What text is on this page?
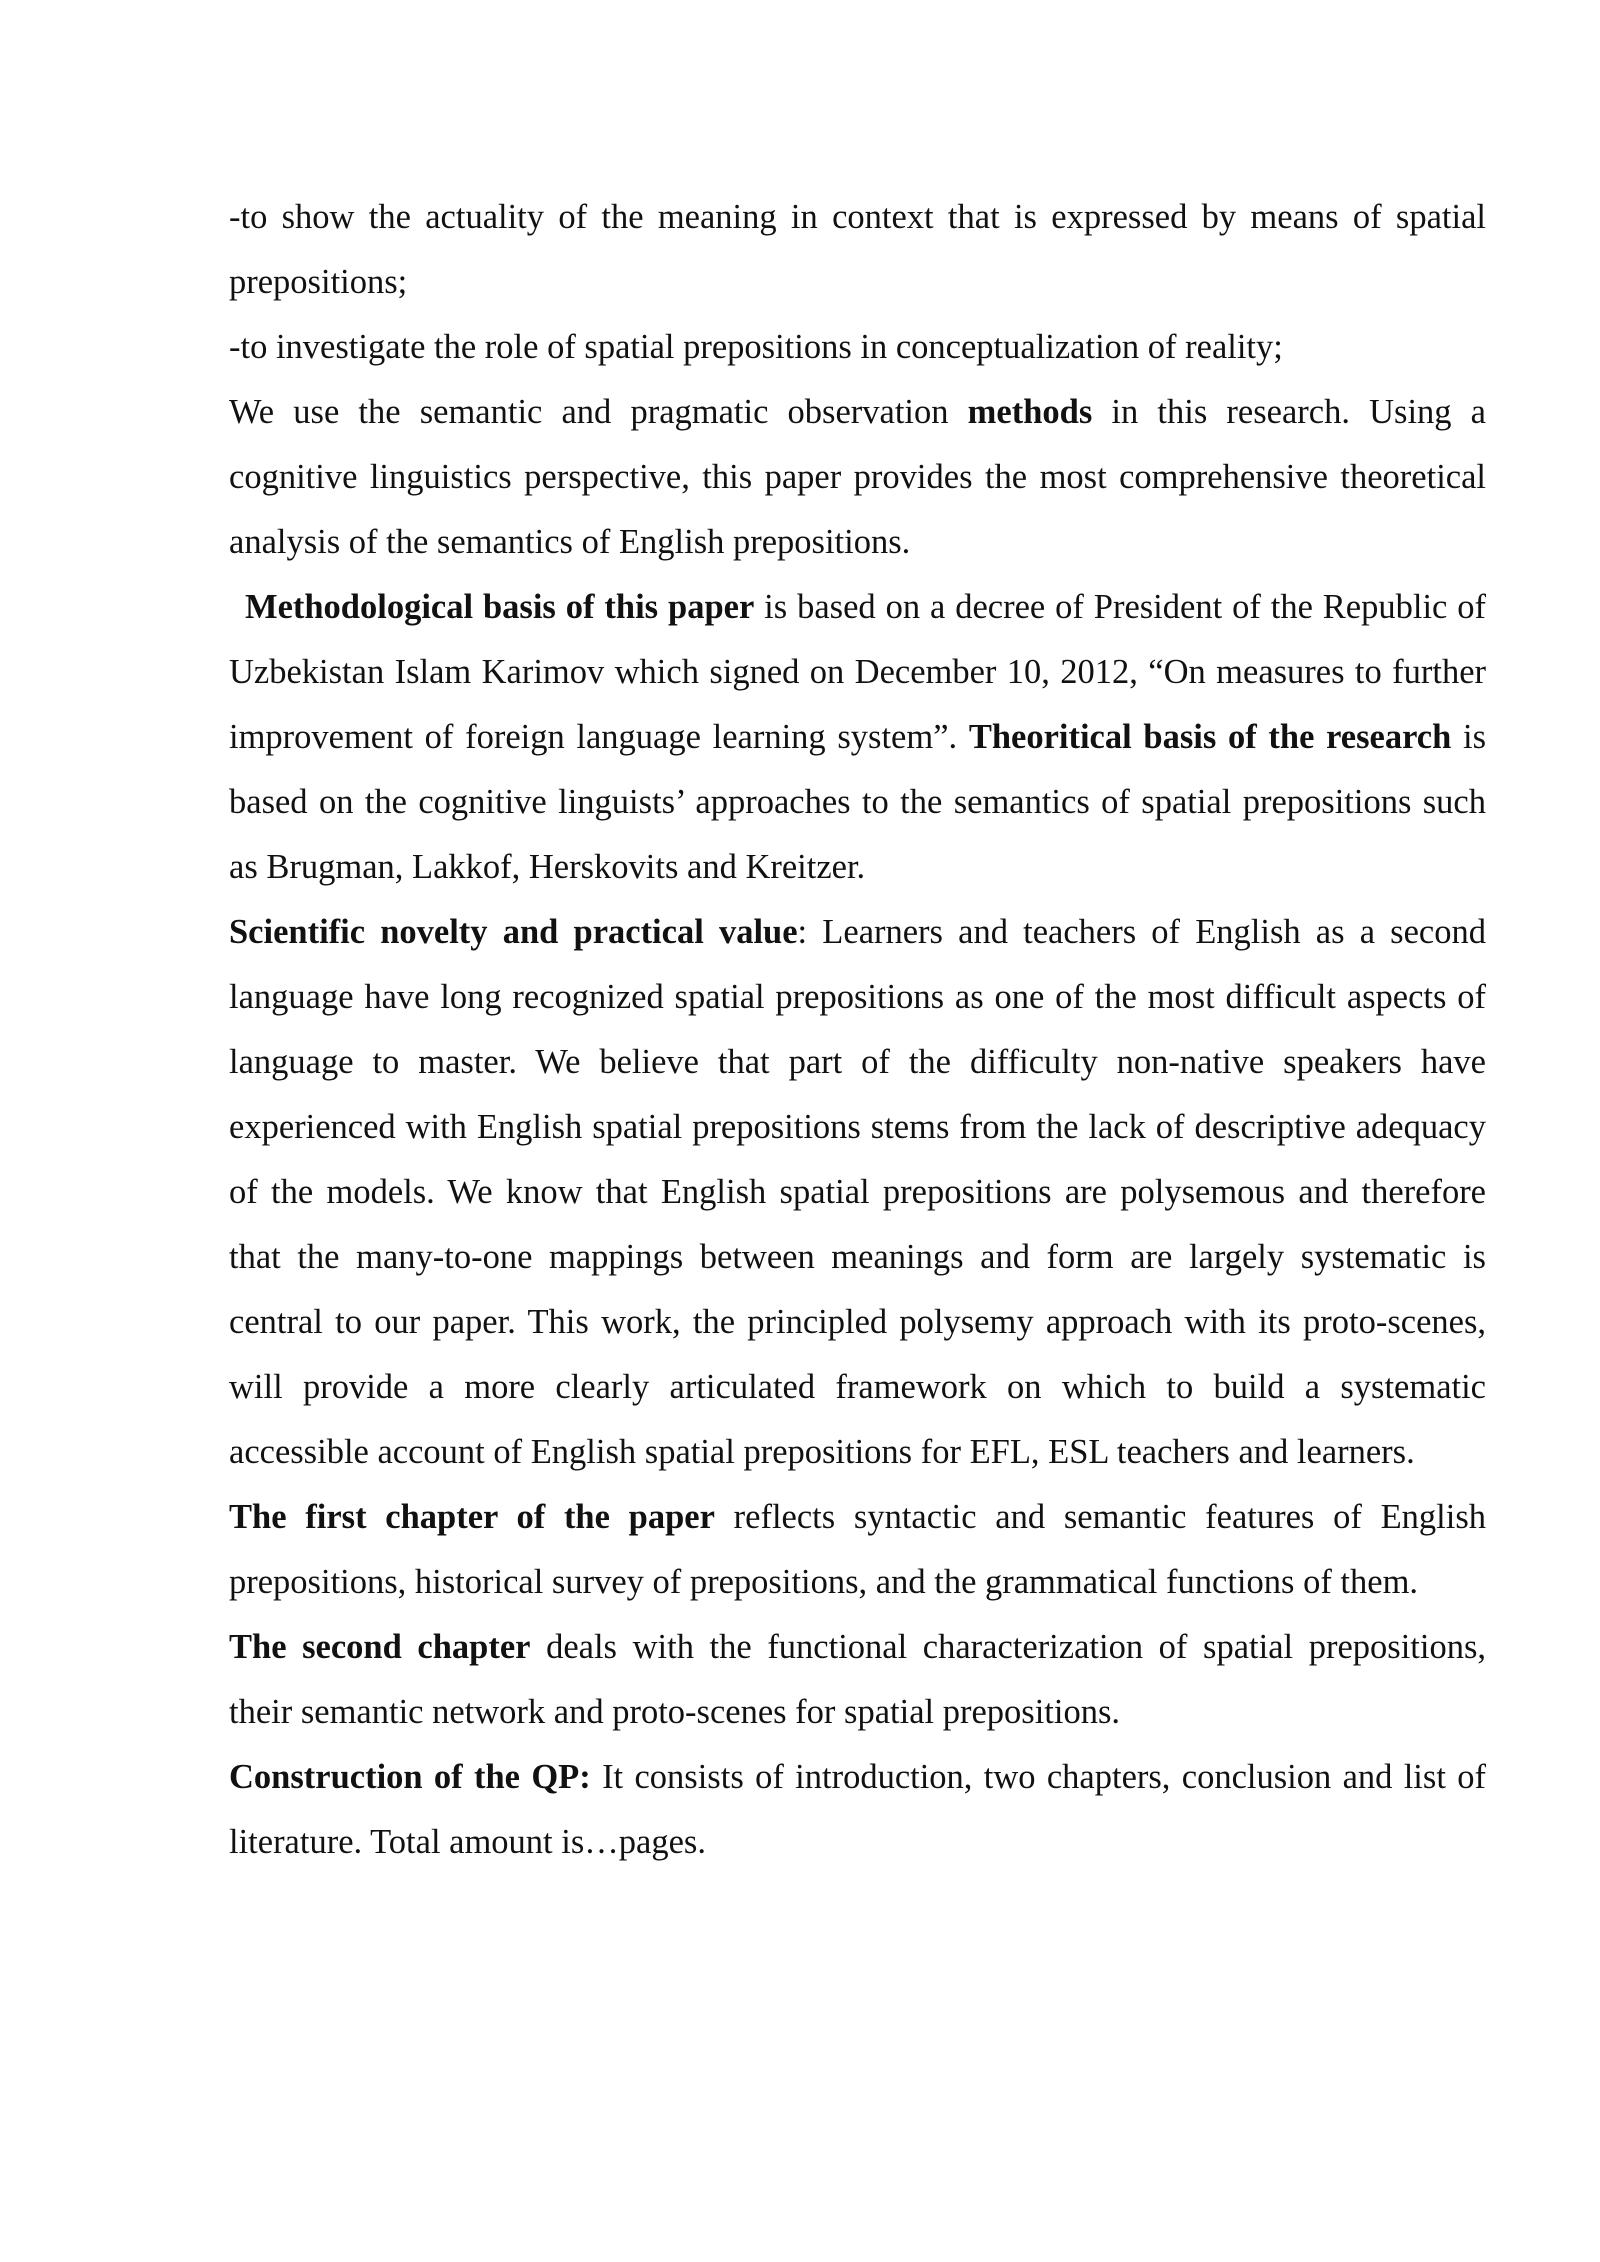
-to show the actuality of the meaning in context that is expressed by means of spatial prepositions;

-to investigate the role of spatial prepositions in conceptualization of reality;

We use the semantic and pragmatic observation methods in this research. Using a cognitive linguistics perspective, this paper provides the most comprehensive theoretical analysis of the semantics of English prepositions.

Methodological basis of this paper is based on a decree of President of the Republic of Uzbekistan Islam Karimov which signed on December 10, 2012, “On measures to further improvement of foreign language learning system”. Theoritical basis of the research is based on the cognitive linguists’ approaches to the semantics of spatial prepositions such as Brugman, Lakkof, Herskovits and Kreitzer.

Scientific novelty and practical value: Learners and teachers of English as a second language have long recognized spatial prepositions as one of the most difficult aspects of language to master. We believe that part of the difficulty non-native speakers have experienced with English spatial prepositions stems from the lack of descriptive adequacy of the models. We know that English spatial prepositions are polysemous and therefore that the many-to-one mappings between meanings and form are largely systematic is central to our paper. This work, the principled polysemy approach with its proto-scenes, will provide a more clearly articulated framework on which to build a systematic accessible account of English spatial prepositions for EFL, ESL teachers and learners.

The first chapter of the paper reflects syntactic and semantic features of English prepositions, historical survey of prepositions, and the grammatical functions of them.

The second chapter deals with the functional characterization of spatial prepositions, their semantic network and proto-scenes for spatial prepositions.

Construction of the QP: It consists of introduction, two chapters, conclusion and list of literature. Total amount is…pages.
